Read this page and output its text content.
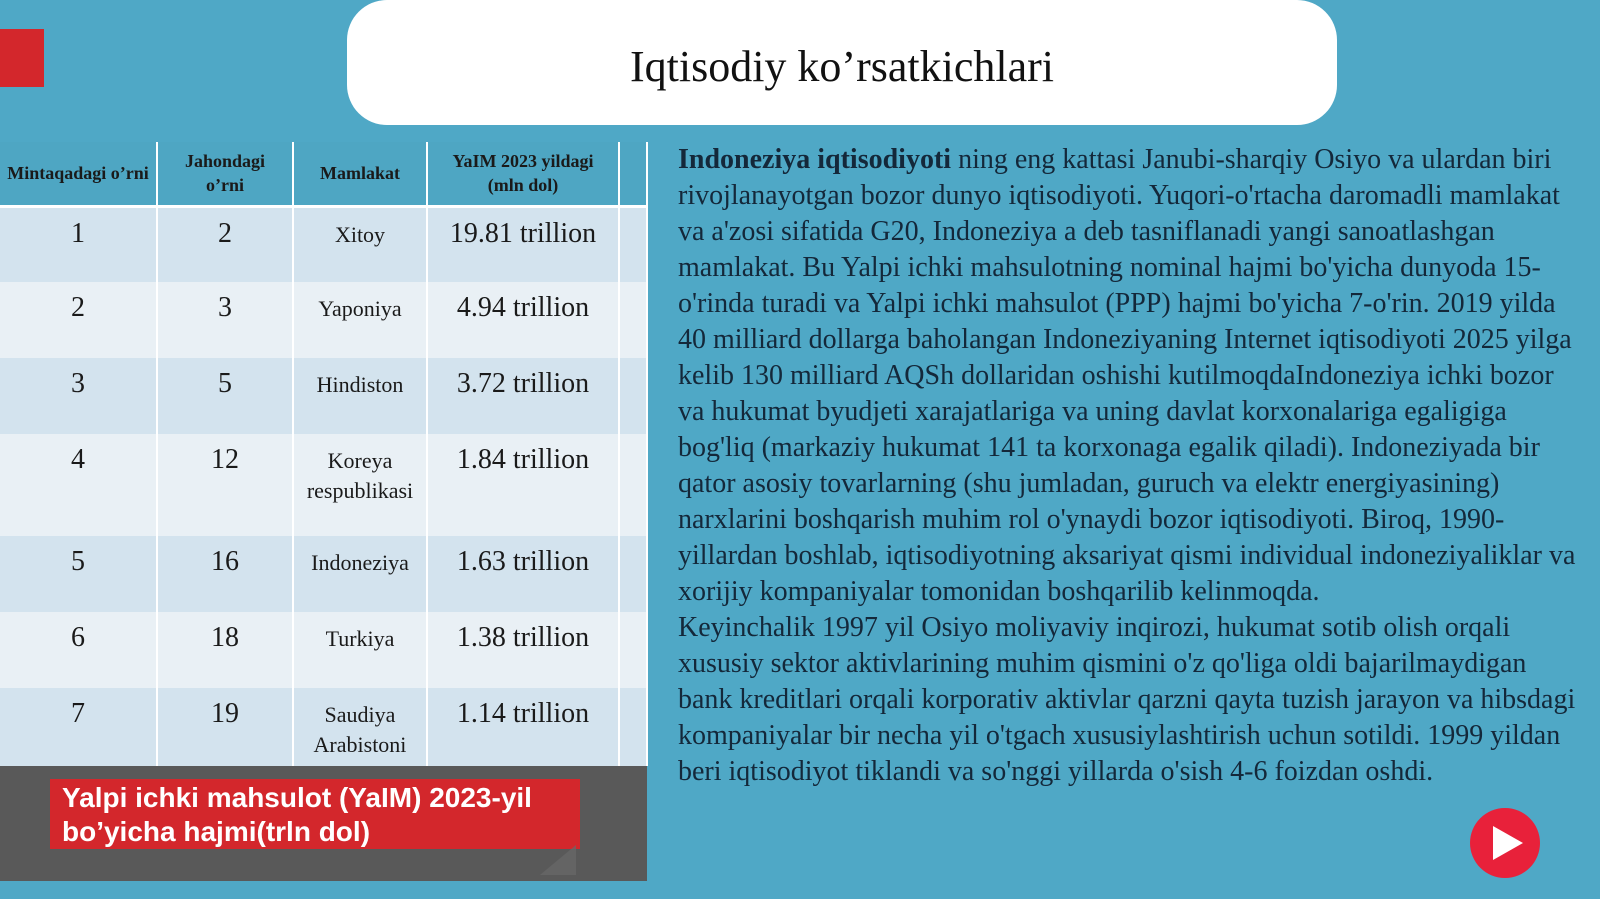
Iqtisodiy ko’rsatkichlari
Mintaqadagi o’rni	Jahondagi o’rni	Mamlakat	YaIM 2023 yildagi (mln dol)	
1	2	Xitoy	19.81 trillion	
2	3	Yaponiya	4.94 trillion	
3	5	Hindiston	3.72 trillion	
4	12	Koreya respublikasi	1.84 trillion	
5	16	Indoneziya	1.63 trillion	
6	18	Turkiya	1.38 trillion	
7	19	Saudiya Arabistoni	1.14 trillion	
Yalpi ichki mahsulot (YaIM) 2023-yil bo’yicha hajmi(trln dol)

Indoneziya iqtisodiyoti ning eng kattasi Janubi-sharqiy Osiyo va ulardan biri rivojlanayotgan bozor dunyo iqtisodiyoti. Yuqori-o'rtacha daromadli mamlakat va a'zosi sifatida G20, Indoneziya a deb tasniflanadi yangi sanoatlashgan mamlakat. Bu Yalpi ichki mahsulotning nominal hajmi bo'yicha dunyoda 15-o'rinda turadi va Yalpi ichki mahsulot (PPP) hajmi bo'yicha 7-o'rin. 2019 yilda 40 milliard dollarga baholangan Indoneziyaning Internet iqtisodiyoti 2025 yilga kelib 130 milliard AQSh dollaridan oshishi kutilmoqdaIndoneziya ichki bozor va hukumat byudjeti xarajatlariga va uning davlat korxonalariga egaligiga bog'liq (markaziy hukumat 141 ta korxonaga egalik qiladi). Indoneziyada bir qator asosiy tovarlarning (shu jumladan, guruch va elektr energiyasining) narxlarini boshqarish muhim rol o'ynaydi bozor iqtisodiyoti. Biroq, 1990-yillardan boshlab, iqtisodiyotning aksariyat qismi individual indoneziyaliklar va xorijiy kompaniyalar tomonidan boshqarilib kelinmoqda.

Keyinchalik 1997 yil Osiyo moliyaviy inqirozi, hukumat sotib olish orqali xususiy sektor aktivlarining muhim qismini o'z qo'liga oldi bajarilmaydigan bank kreditlari orqali korporativ aktivlar qarzni qayta tuzish jarayon va hibsdagi kompaniyalar bir necha yil o'tgach xususiylashtirish uchun sotildi. 1999 yildan beri iqtisodiyot tiklandi va so'nggi yillarda o'sish 4-6 foizdan oshdi.
